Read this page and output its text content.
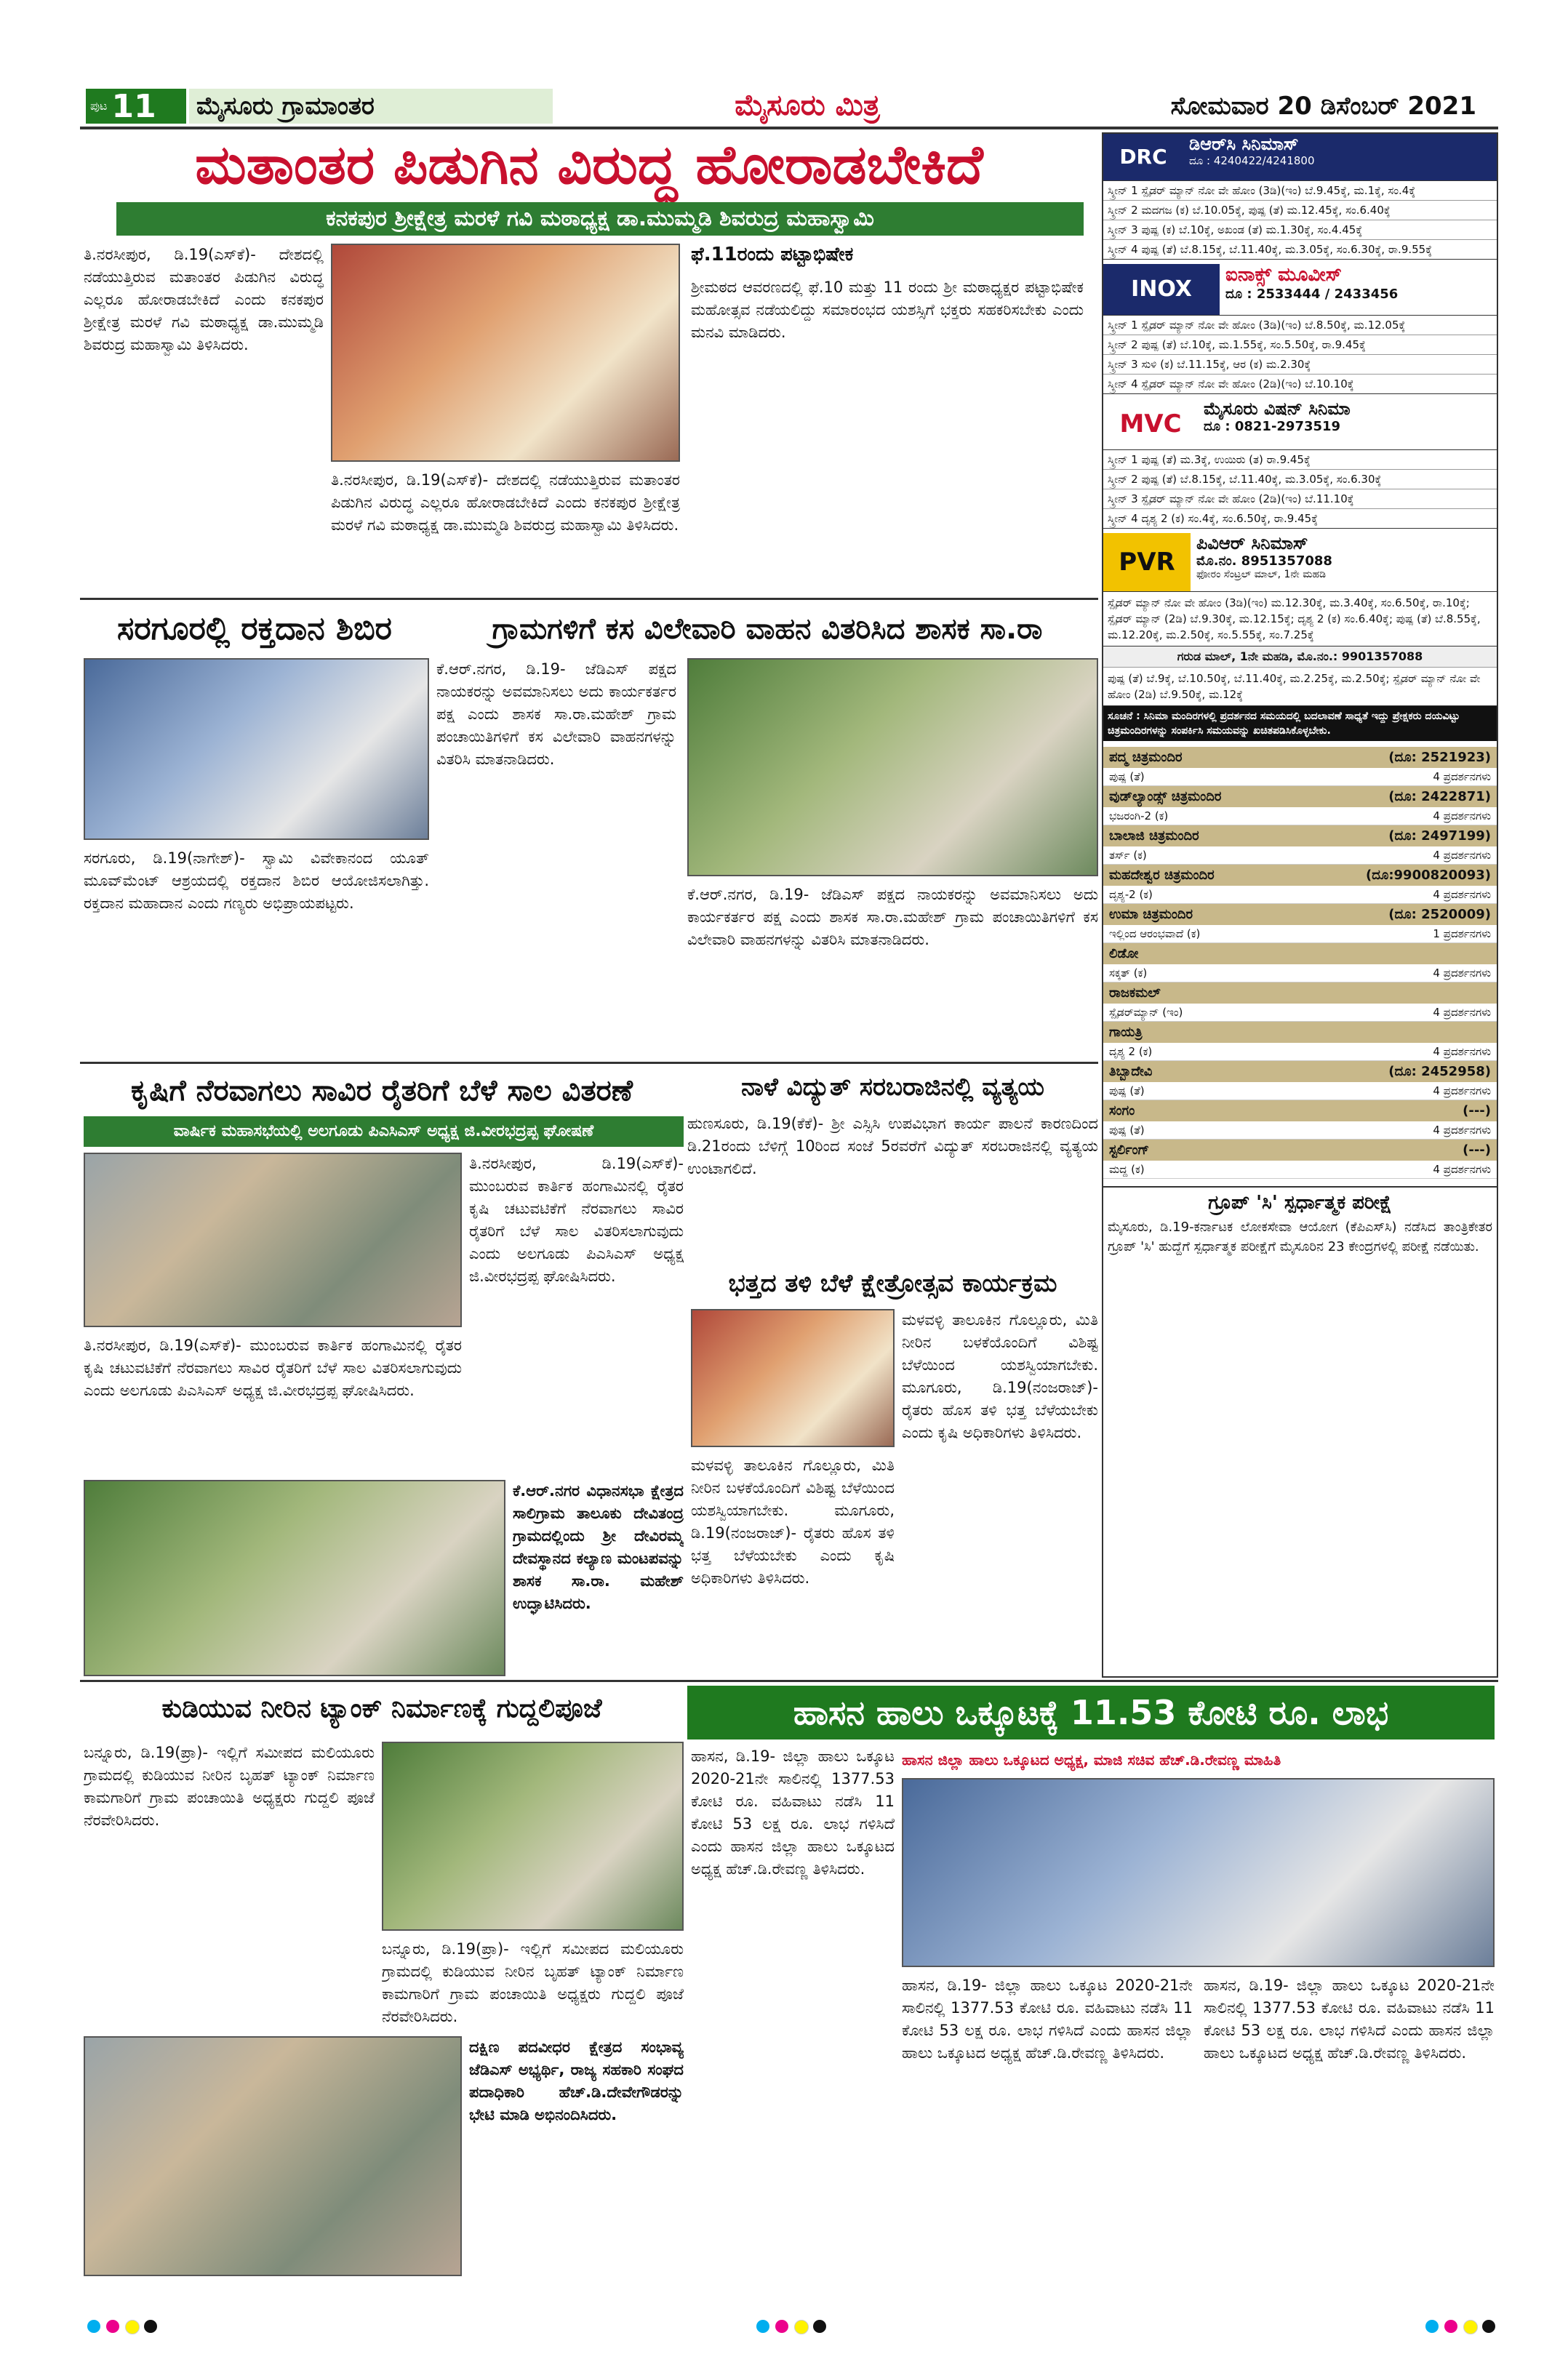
ಪುಟ 11 ಮೈಸೂರು ಗ್ರಾಮಾಂತರ	ಮೈಸೂರು ಮಿತ್ರ	ಸೋಮವಾರ 20 ಡಿಸೆಂಬರ್ 2021
ಮತಾಂತರ ಪಿಡುಗಿನ ವಿರುದ್ಧ ಹೋರಾಡಬೇಕಿದೆ
ಕನಕಪುರ ಶ್ರೀಕ್ಷೇತ್ರ ಮರಳೆ ಗವಿ ಮಠಾಧ್ಯಕ್ಷ ಡಾ.ಮುಮ್ಮಡಿ ಶಿವರುದ್ರ ಮಹಾಸ್ವಾಮಿ
ತಿ.ನರಸೀಪುರ, ಡಿ.19(ಎಸ್‌ಕೆ)- ದೇಶದಲ್ಲಿ ನಡೆಯುತ್ತಿರುವ ಮತಾಂತರ ಪಿಡುಗಿನ ವಿರುದ್ಧ ಎಲ್ಲರೂ ಹೋರಾಡಬೇಕಿದೆ ಎಂದು ಕನಕಪುರ ಶ್ರೀಕ್ಷೇತ್ರ ಮರಳೆ ಗವಿ ಮಠಾಧ್ಯಕ್ಷ ಡಾ.ಮುಮ್ಮಡಿ ಶಿವರುದ್ರ ಮಹಾಸ್ವಾಮಿ ತಿಳಿಸಿದರು.
ಫೆ.11ರಂದು ಪಟ್ಟಾಭಿಷೇಕ
ಶ್ರೀಮಠದ ಆವರಣದಲ್ಲಿ ಫೆ.10 ಮತ್ತು 11 ರಂದು ಶ್ರೀ ಮಠಾಧ್ಯಕ್ಷರ ಪಟ್ಟಾಭಿಷೇಕ ಮಹೋತ್ಸವ ನಡೆಯಲಿದ್ದು ಸಮಾರಂಭದ ಯಶಸ್ಸಿಗೆ ಭಕ್ತರು ಸಹಕರಿಸಬೇಕು ಎಂದು ಮನವಿ ಮಾಡಿದರು.
ತಿ.ನರಸೀಪುರ, ಡಿ.19(ಎಸ್‌ಕೆ)- ದೇಶದಲ್ಲಿ ನಡೆಯುತ್ತಿರುವ ಮತಾಂತರ ಪಿಡುಗಿನ ವಿರುದ್ಧ ಎಲ್ಲರೂ ಹೋರಾಡಬೇಕಿದೆ ಎಂದು ಕನಕಪುರ ಶ್ರೀಕ್ಷೇತ್ರ ಮರಳೆ ಗವಿ ಮಠಾಧ್ಯಕ್ಷ ಡಾ.ಮುಮ್ಮಡಿ ಶಿವರುದ್ರ ಮಹಾಸ್ವಾಮಿ ತಿಳಿಸಿದರು.
ಸರಗೂರಲ್ಲಿ ರಕ್ತದಾನ ಶಿಬಿರ
ಸರಗೂರು, ಡಿ.19(ನಾಗೇಶ್)- ಸ್ವಾಮಿ ವಿವೇಕಾನಂದ ಯೂತ್ ಮೂವ್‌ಮೆಂಟ್ ಆಶ್ರಯದಲ್ಲಿ ರಕ್ತದಾನ ಶಿಬಿರ ಆಯೋಜಿಸಲಾಗಿತ್ತು. ರಕ್ತದಾನ ಮಹಾದಾನ ಎಂದು ಗಣ್ಯರು ಅಭಿಪ್ರಾಯಪಟ್ಟರು.
ಗ್ರಾಮಗಳಿಗೆ ಕಸ ವಿಲೇವಾರಿ ವಾಹನ ವಿತರಿಸಿದ ಶಾಸಕ ಸಾ.ರಾ
ಕೆ.ಆರ್.ನಗರ, ಡಿ.19- ಜೆಡಿಎಸ್ ಪಕ್ಷದ ನಾಯಕರನ್ನು ಅವಮಾನಿಸಲು ಅದು ಕಾರ್ಯಕರ್ತರ ಪಕ್ಷ ಎಂದು ಶಾಸಕ ಸಾ.ರಾ.ಮಹೇಶ್ ಗ್ರಾಮ ಪಂಚಾಯಿತಿಗಳಿಗೆ ಕಸ ವಿಲೇವಾರಿ ವಾಹನಗಳನ್ನು ವಿತರಿಸಿ ಮಾತನಾಡಿದರು.
ಕೆ.ಆರ್.ನಗರ, ಡಿ.19- ಜೆಡಿಎಸ್ ಪಕ್ಷದ ನಾಯಕರನ್ನು ಅವಮಾನಿಸಲು ಅದು ಕಾರ್ಯಕರ್ತರ ಪಕ್ಷ ಎಂದು ಶಾಸಕ ಸಾ.ರಾ.ಮಹೇಶ್ ಗ್ರಾಮ ಪಂಚಾಯಿತಿಗಳಿಗೆ ಕಸ ವಿಲೇವಾರಿ ವಾಹನಗಳನ್ನು ವಿತರಿಸಿ ಮಾತನಾಡಿದರು.
ಕೃಷಿಗೆ ನೆರವಾಗಲು ಸಾವಿರ ರೈತರಿಗೆ ಬೆಳೆ ಸಾಲ ವಿತರಣೆ
ವಾರ್ಷಿಕ ಮಹಾಸಭೆಯಲ್ಲಿ ಅಲಗೂಡು ಪಿಎಸಿಎಸ್ ಅಧ್ಯಕ್ಷ ಜಿ.ವೀರಭದ್ರಪ್ಪ ಘೋಷಣೆ
ತಿ.ನರಸೀಪುರ, ಡಿ.19(ಎಸ್‌ಕೆ)- ಮುಂಬರುವ ಕಾರ್ತಿಕ ಹಂಗಾಮಿನಲ್ಲಿ ರೈತರ ಕೃಷಿ ಚಟುವಟಿಕೆಗೆ ನೆರವಾಗಲು ಸಾವಿರ ರೈತರಿಗೆ ಬೆಳೆ ಸಾಲ ವಿತರಿಸಲಾಗುವುದು ಎಂದು ಅಲಗೂಡು ಪಿಎಸಿಎಸ್ ಅಧ್ಯಕ್ಷ ಜಿ.ವೀರಭದ್ರಪ್ಪ ಘೋಷಿಸಿದರು.
ತಿ.ನರಸೀಪುರ, ಡಿ.19(ಎಸ್‌ಕೆ)- ಮುಂಬರುವ ಕಾರ್ತಿಕ ಹಂಗಾಮಿನಲ್ಲಿ ರೈತರ ಕೃಷಿ ಚಟುವಟಿಕೆಗೆ ನೆರವಾಗಲು ಸಾವಿರ ರೈತರಿಗೆ ಬೆಳೆ ಸಾಲ ವಿತರಿಸಲಾಗುವುದು ಎಂದು ಅಲಗೂಡು ಪಿಎಸಿಎಸ್ ಅಧ್ಯಕ್ಷ ಜಿ.ವೀರಭದ್ರಪ್ಪ ಘೋಷಿಸಿದರು.
ಕೆ.ಆರ್.ನಗರ ವಿಧಾನಸಭಾ ಕ್ಷೇತ್ರದ ಸಾಲಿಗ್ರಾಮ ತಾಲೂಕು ದೇವಿತಂದ್ರ ಗ್ರಾಮದಲ್ಲಿಂದು ಶ್ರೀ ದೇವಿರಮ್ಮ ದೇವಸ್ಥಾನದ ಕಲ್ಯಾಣ ಮಂಟಪವನ್ನು ಶಾಸಕ ಸಾ.ರಾ. ಮಹೇಶ್ ಉದ್ಘಾಟಿಸಿದರು.
ನಾಳೆ ವಿದ್ಯುತ್ ಸರಬರಾಜಿನಲ್ಲಿ ವ್ಯತ್ಯಯ
ಹುಣಸೂರು, ಡಿ.19(ಕೆಕೆ)- ಶ್ರೀ ಎಸ್ಸಿಸಿ ಉಪವಿಭಾಗ ಕಾರ್ಯ ಪಾಲನೆ ಕಾರಣದಿಂದ ಡಿ.21ರಂದು ಬೆಳಿಗ್ಗೆ 10ರಿಂದ ಸಂಜೆ 5ರವರೆಗೆ ವಿದ್ಯುತ್ ಸರಬರಾಜಿನಲ್ಲಿ ವ್ಯತ್ಯಯ ಉಂಟಾಗಲಿದೆ.
ಭತ್ತದ ತಳಿ ಬೆಳೆ ಕ್ಷೇತ್ರೋತ್ಸವ ಕಾರ್ಯಕ್ರಮ
ಮಳವಳ್ಳಿ ತಾಲೂಕಿನ ಗೊಲ್ಲೂರು, ಮಿತಿ ನೀರಿನ ಬಳಕೆಯೊಂದಿಗೆ ವಿಶಿಷ್ಟ ಬೆಳೆಯಿಂದ ಯಶಸ್ವಿಯಾಗಬೇಕು. ಮೂಗೂರು, ಡಿ.19(ನಂಜರಾಜ್)- ರೈತರು ಹೊಸ ತಳಿ ಭತ್ತ ಬೆಳೆಯಬೇಕು ಎಂದು ಕೃಷಿ ಅಧಿಕಾರಿಗಳು ತಿಳಿಸಿದರು.
ಮಳವಳ್ಳಿ ತಾಲೂಕಿನ ಗೊಲ್ಲೂರು, ಮಿತಿ ನೀರಿನ ಬಳಕೆಯೊಂದಿಗೆ ವಿಶಿಷ್ಟ ಬೆಳೆಯಿಂದ ಯಶಸ್ವಿಯಾಗಬೇಕು. ಮೂಗೂರು, ಡಿ.19(ನಂಜರಾಜ್)- ರೈತರು ಹೊಸ ತಳಿ ಭತ್ತ ಬೆಳೆಯಬೇಕು ಎಂದು ಕೃಷಿ ಅಧಿಕಾರಿಗಳು ತಿಳಿಸಿದರು.
ಕುಡಿಯುವ ನೀರಿನ ಟ್ಯಾಂಕ್ ನಿರ್ಮಾಣಕ್ಕೆ ಗುದ್ದಲಿಪೂಜೆ
ಬನ್ನೂರು, ಡಿ.19(ಪ್ರಾ)- ಇಲ್ಲಿಗೆ ಸಮೀಪದ ಮಲಿಯೂರು ಗ್ರಾಮದಲ್ಲಿ ಕುಡಿಯುವ ನೀರಿನ ಬೃಹತ್ ಟ್ಯಾಂಕ್ ನಿರ್ಮಾಣ ಕಾಮಗಾರಿಗೆ ಗ್ರಾಮ ಪಂಚಾಯಿತಿ ಅಧ್ಯಕ್ಷರು ಗುದ್ದಲಿ ಪೂಜೆ ನೆರವೇರಿಸಿದರು.
ಬನ್ನೂರು, ಡಿ.19(ಪ್ರಾ)- ಇಲ್ಲಿಗೆ ಸಮೀಪದ ಮಲಿಯೂರು ಗ್ರಾಮದಲ್ಲಿ ಕುಡಿಯುವ ನೀರಿನ ಬೃಹತ್ ಟ್ಯಾಂಕ್ ನಿರ್ಮಾಣ ಕಾಮಗಾರಿಗೆ ಗ್ರಾಮ ಪಂಚಾಯಿತಿ ಅಧ್ಯಕ್ಷರು ಗುದ್ದಲಿ ಪೂಜೆ ನೆರವೇರಿಸಿದರು.
ದಕ್ಷಿಣ ಪದವೀಧರ ಕ್ಷೇತ್ರದ ಸಂಭಾವ್ಯ ಜೆಡಿಎಸ್ ಅಭ್ಯರ್ಥಿ, ರಾಜ್ಯ ಸಹಕಾರಿ ಸಂಘದ ಪದಾಧಿಕಾರಿ ಹೆಚ್.ಡಿ.ದೇವೇಗೌಡರನ್ನು ಭೇಟಿ ಮಾಡಿ ಅಭಿನಂದಿಸಿದರು.
ಹಾಸನ ಹಾಲು ಒಕ್ಕೂಟಕ್ಕೆ 11.53 ಕೋಟಿ ರೂ. ಲಾಭ
ಹಾಸನ, ಡಿ.19- ಜಿಲ್ಲಾ ಹಾಲು ಒಕ್ಕೂಟ 2020-21ನೇ ಸಾಲಿನಲ್ಲಿ 1377.53 ಕೋಟಿ ರೂ. ವಹಿವಾಟು ನಡೆಸಿ 11 ಕೋಟಿ 53 ಲಕ್ಷ ರೂ. ಲಾಭ ಗಳಿಸಿದೆ ಎಂದು ಹಾಸನ ಜಿಲ್ಲಾ ಹಾಲು ಒಕ್ಕೂಟದ ಅಧ್ಯಕ್ಷ ಹೆಚ್.ಡಿ.ರೇವಣ್ಣ ತಿಳಿಸಿದರು.
ಹಾಸನ ಜಿಲ್ಲಾ ಹಾಲು ಒಕ್ಕೂಟದ ಅಧ್ಯಕ್ಷ, ಮಾಜಿ ಸಚಿವ ಹೆಚ್.ಡಿ.ರೇವಣ್ಣ ಮಾಹಿತಿ
ಹಾಸನ, ಡಿ.19- ಜಿಲ್ಲಾ ಹಾಲು ಒಕ್ಕೂಟ 2020-21ನೇ ಸಾಲಿನಲ್ಲಿ 1377.53 ಕೋಟಿ ರೂ. ವಹಿವಾಟು ನಡೆಸಿ 11 ಕೋಟಿ 53 ಲಕ್ಷ ರೂ. ಲಾಭ ಗಳಿಸಿದೆ ಎಂದು ಹಾಸನ ಜಿಲ್ಲಾ ಹಾಲು ಒಕ್ಕೂಟದ ಅಧ್ಯಕ್ಷ ಹೆಚ್.ಡಿ.ರೇವಣ್ಣ ತಿಳಿಸಿದರು.
ಹಾಸನ, ಡಿ.19- ಜಿಲ್ಲಾ ಹಾಲು ಒಕ್ಕೂಟ 2020-21ನೇ ಸಾಲಿನಲ್ಲಿ 1377.53 ಕೋಟಿ ರೂ. ವಹಿವಾಟು ನಡೆಸಿ 11 ಕೋಟಿ 53 ಲಕ್ಷ ರೂ. ಲಾಭ ಗಳಿಸಿದೆ ಎಂದು ಹಾಸನ ಜಿಲ್ಲಾ ಹಾಲು ಒಕ್ಕೂಟದ ಅಧ್ಯಕ್ಷ ಹೆಚ್.ಡಿ.ರೇವಣ್ಣ ತಿಳಿಸಿದರು.
DRC
ಡಿಆರ್‌ಸಿ ಸಿನಿಮಾಸ್
ದೂ : 4240422/4241800
ಸ್ಕ್ರೀನ್ 1 ಸ್ಪೈಡರ್ ಮ್ಯಾನ್ ನೋ ವೇ ಹೋಂ (3ಡಿ)(ಇಂ) ಬೆ.9.45ಕ್ಕೆ, ಮ.1ಕ್ಕೆ, ಸಂ.4ಕ್ಕೆ
ಸ್ಕ್ರೀನ್ 2 ಮದಗಜ (ಕ) ಬೆ.10.05ಕ್ಕೆ, ಪುಷ್ಪ (ತೆ) ಮ.12.45ಕ್ಕೆ, ಸಂ.6.40ಕ್ಕೆ
ಸ್ಕ್ರೀನ್ 3 ಪುಷ್ಪ (ಕ) ಬೆ.10ಕ್ಕೆ, ಅಖಂಡ (ತೆ) ಮ.1.30ಕ್ಕೆ, ಸಂ.4.45ಕ್ಕೆ
ಸ್ಕ್ರೀನ್ 4 ಪುಷ್ಪ (ತೆ) ಬೆ.8.15ಕ್ಕೆ, ಬೆ.11.40ಕ್ಕೆ, ಮ.3.05ಕ್ಕೆ, ಸಂ.6.30ಕ್ಕೆ, ರಾ.9.55ಕ್ಕೆ
INOX
ಐನಾಕ್ಸ್ ಮೂವೀಸ್
ದೂ : 2533444 / 2433456
ಸ್ಕ್ರೀನ್ 1 ಸ್ಪೈಡರ್ ಮ್ಯಾನ್ ನೋ ವೇ ಹೋಂ (3ಡಿ)(ಇಂ) ಬೆ.8.50ಕ್ಕೆ, ಮ.12.05ಕ್ಕೆ
ಸ್ಕ್ರೀನ್ 2 ಪುಷ್ಪ (ತೆ) ಬೆ.10ಕ್ಕೆ, ಮ.1.55ಕ್ಕೆ, ಸಂ.5.50ಕ್ಕೆ, ರಾ.9.45ಕ್ಕೆ
ಸ್ಕ್ರೀನ್ 3 ಸುಳಿ (ಕ) ಬೆ.11.15ಕ್ಕೆ, ಆರ (ಕ) ಮ.2.30ಕ್ಕೆ
ಸ್ಕ್ರೀನ್ 4 ಸ್ಪೈಡರ್ ಮ್ಯಾನ್ ನೋ ವೇ ಹೋಂ (2ಡಿ)(ಇಂ) ಬೆ.10.10ಕ್ಕೆ
MVC
ಮೈಸೂರು ವಿಷನ್ ಸಿನಿಮಾ
ದೂ : 0821-2973519
ಸ್ಕ್ರೀನ್ 1 ಪುಷ್ಪ (ತೆ) ಮ.3ಕ್ಕೆ, ಉಯಿರು (ತ) ರಾ.9.45ಕ್ಕೆ
ಸ್ಕ್ರೀನ್ 2 ಪುಷ್ಪ (ತೆ) ಬೆ.8.15ಕ್ಕೆ, ಬೆ.11.40ಕ್ಕೆ, ಮ.3.05ಕ್ಕೆ, ಸಂ.6.30ಕ್ಕೆ
ಸ್ಕ್ರೀನ್ 3 ಸ್ಪೈಡರ್ ಮ್ಯಾನ್ ನೋ ವೇ ಹೋಂ (2ಡಿ)(ಇಂ) ಬೆ.11.10ಕ್ಕೆ
ಸ್ಕ್ರೀನ್ 4 ದೃಶ್ಯ 2 (ಕ) ಸಂ.4ಕ್ಕೆ, ಸಂ.6.50ಕ್ಕೆ, ರಾ.9.45ಕ್ಕೆ
PVR
ಪಿವಿಆರ್ ಸಿನಿಮಾಸ್
ಮೊ.ನಂ. 8951357088
ಫೋರಂ ಸೆಂಟ್ರಲ್ ಮಾಲ್, 1ನೇ ಮಹಡಿ
ಸ್ಪೈಡರ್ ಮ್ಯಾನ್ ನೋ ವೇ ಹೋಂ (3ಡಿ)(ಇಂ) ಮ.12.30ಕ್ಕೆ, ಮ.3.40ಕ್ಕೆ, ಸಂ.6.50ಕ್ಕೆ, ರಾ.10ಕ್ಕೆ; ಸ್ಪೈಡರ್ ಮ್ಯಾನ್ (2ಡಿ) ಬೆ.9.30ಕ್ಕೆ, ಮ.12.15ಕ್ಕೆ; ದೃಶ್ಯ 2 (ಕ) ಸಂ.6.40ಕ್ಕೆ; ಪುಷ್ಪ (ತೆ) ಬೆ.8.55ಕ್ಕೆ, ಮ.12.20ಕ್ಕೆ, ಮ.2.50ಕ್ಕೆ, ಸಂ.5.55ಕ್ಕೆ, ಸಂ.7.25ಕ್ಕೆ
ಗರುಡ ಮಾಲ್, 1ನೇ ಮಹಡಿ, ಮೊ.ನಂ.: 9901357088
ಪುಷ್ಪ (ತೆ) ಬೆ.9ಕ್ಕೆ, ಬೆ.10.50ಕ್ಕೆ, ಬೆ.11.40ಕ್ಕೆ, ಮ.2.25ಕ್ಕೆ, ಮ.2.50ಕ್ಕೆ; ಸ್ಪೈಡರ್ ಮ್ಯಾನ್ ನೋ ವೇ ಹೋಂ (2ಡಿ) ಬೆ.9.50ಕ್ಕೆ, ಮ.12ಕ್ಕೆ
ಸೂಚನೆ : ಸಿನಿಮಾ ಮಂದಿರಗಳಲ್ಲಿ ಪ್ರದರ್ಶನದ ಸಮಯದಲ್ಲಿ ಬದಲಾವಣೆ ಸಾಧ್ಯತೆ ಇದ್ದು ಪ್ರೇಕ್ಷಕರು ದಯವಿಟ್ಟು ಚಿತ್ರಮಂದಿರಗಳನ್ನು ಸಂಪರ್ಕಿಸಿ ಸಮಯವನ್ನು ಖಚಿತಪಡಿಸಿಕೊಳ್ಳಬೇಕು.
ಪದ್ಮ ಚಿತ್ರಮಂದಿರ	(ದೂ: 2521923)
ಪುಷ್ಪ (ತೆ)	4 ಪ್ರದರ್ಶನಗಳು
ವುಡ್‌ಲ್ಯಾಂಡ್ಸ್ ಚಿತ್ರಮಂದಿರ	(ದೂ: 2422871)
ಭಜರಂಗಿ-2 (ಕ)	4 ಪ್ರದರ್ಶನಗಳು
ಬಾಲಾಜಿ ಚಿತ್ರಮಂದಿರ	(ದೂ: 2497199)
ತರ್ಸ್ (ಕ)	4 ಪ್ರದರ್ಶನಗಳು
ಮಹದೇಶ್ವರ ಚಿತ್ರಮಂದಿರ	(ದೂ:9900820093)
ದೃಶ್ಯ-2 (ಕ)	4 ಪ್ರದರ್ಶನಗಳು
ಉಮಾ ಚಿತ್ರಮಂದಿರ	(ದೂ: 2520009)
ಇಲ್ಲಿಂದ ಆರಂಭವಾದೆ (ಕ)	1 ಪ್ರದರ್ಶನಗಳು
ಲಿಡೋ
ಸಕ್ಕತ್ (ಕ)	4 ಪ್ರದರ್ಶನಗಳು
ರಾಜಕಮಲ್
ಸ್ಪೈಡರ್‌ಮ್ಯಾನ್ (ಇಂ)	4 ಪ್ರದರ್ಶನಗಳು
ಗಾಯತ್ರಿ
ದೃಶ್ಯ 2 (ಕ)	4 ಪ್ರದರ್ಶನಗಳು
ತಿಬ್ಬಾದೇವಿ	(ದೂ: 2452958)
ಪುಷ್ಪ (ತೆ)	4 ಪ್ರದರ್ಶನಗಳು
ಸಂಗಂ	(---)
ಪುಷ್ಪ (ತೆ)	4 ಪ್ರದರ್ಶನಗಳು
ಸ್ಟರ್ಲಿಂಗ್	(---)
ಮದ್ದ (ಕ)	4 ಪ್ರದರ್ಶನಗಳು
ಗ್ರೂಪ್ 'ಸಿ' ಸ್ಪರ್ಧಾತ್ಮಕ ಪರೀಕ್ಷೆ
ಮೈಸೂರು, ಡಿ.19-ಕರ್ನಾಟಕ ಲೋಕಸೇವಾ ಆಯೋಗ (ಕೆಪಿಎಸ್‌ಸಿ) ನಡೆಸಿದ ತಾಂತ್ರಿಕೇತರ ಗ್ರೂಪ್ 'ಸಿ' ಹುದ್ದೆಗೆ ಸ್ಪರ್ಧಾತ್ಮಕ ಪರೀಕ್ಷೆಗೆ ಮೈಸೂರಿನ 23 ಕೇಂದ್ರಗಳಲ್ಲಿ ಪರೀಕ್ಷೆ ನಡೆಯಿತು.
